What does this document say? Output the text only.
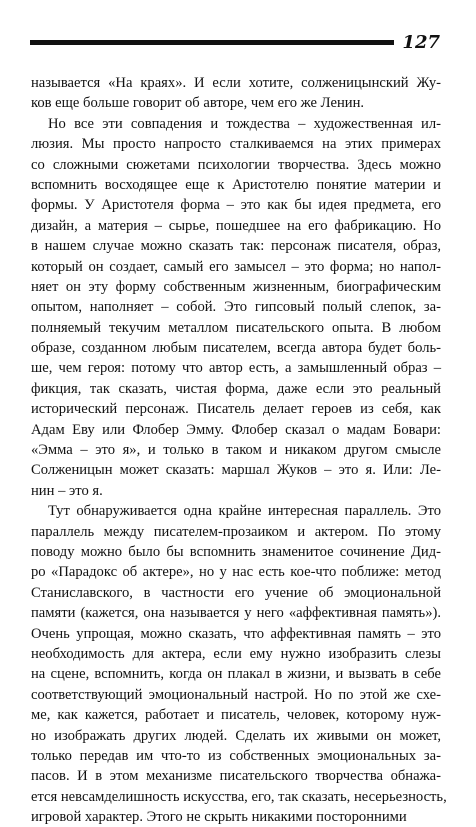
127
называется «На краях». И если хотите, солженицынский Жу-
ков еще больше говорит об авторе, чем его же Ленин.
Но все эти совпадения и тождества – художественная ил-
люзия. Мы просто напросто сталкиваемся на этих примерах
со сложными сюжетами психологии творчества. Здесь можно
вспомнить восходящее еще к Аристотелю понятие материи и
формы. У Аристотеля форма – это как бы идея предмета, его
дизайн, а материя – сырье, пошедшее на его фабрикацию. Но
в нашем случае можно сказать так: персонаж писателя, образ,
который он создает, самый его замысел – это форма; но напол-
няет он эту форму собственным жизненным, биографическим
опытом, наполняет – собой. Это гипсовый полый слепок, за-
полняемый текучим металлом писательского опыта. В любом
образе, созданном любым писателем, всегда автора будет боль-
ше, чем героя: потому что автор есть, а замышленный образ –
фикция, так сказать, чистая форма, даже если это реальный
исторический персонаж. Писатель делает героев из себя, как
Адам Еву или Флобер Эмму. Флобер сказал о мадам Бовари:
«Эмма – это я», и только в таком и никаком другом смысле
Солженицын может сказать: маршал Жуков – это я. Или: Ле-
нин – это я.
Тут обнаруживается одна крайне интересная параллель. Это
параллель между писателем-прозаиком и актером. По этому
поводу можно было бы вспомнить знаменитое сочинение Дид-
ро «Парадокс об актере», но у нас есть кое-что поближе: метод
Станиславского, в частности его учение об эмоциональной
памяти (кажется, она называется у него «аффективная память»).
Очень упрощая, можно сказать, что аффективная память – это
необходимость для актера, если ему нужно изобразить слезы
на сцене, вспомнить, когда он плакал в жизни, и вызвать в себе
соответствующий эмоциональный настрой. Но по этой же схе-
ме, как кажется, работает и писатель, человек, которому нуж-
но изображать других людей. Сделать их живыми он может,
только передав им что-то из собственных эмоциональных за-
пасов. И в этом механизме писательского творчества обнажа-
ется невсамделишность искусства, его, так сказать, несерьезность,
игровой характер. Этого не скрыть никакими посторонними
